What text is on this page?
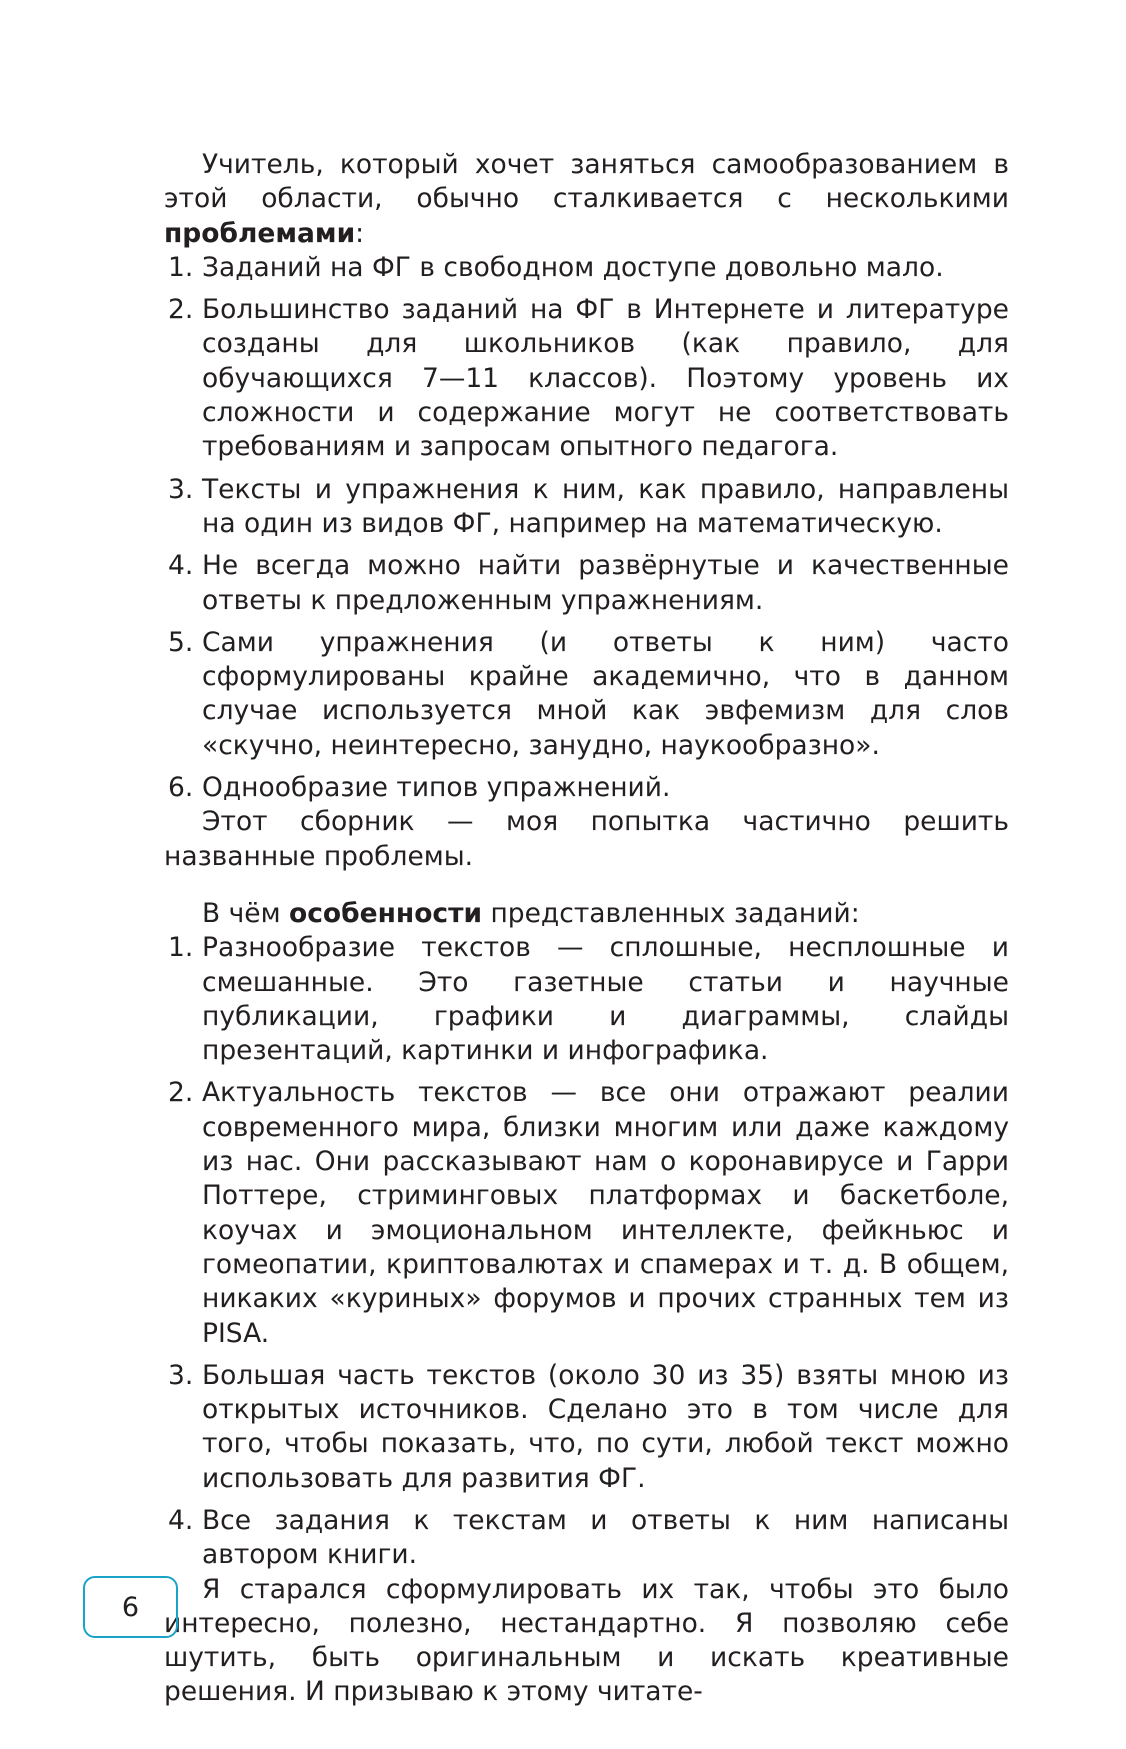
Учитель, который хочет заняться самообразованием в этой области, обычно сталкивается с несколькими проблемами:

1. Заданий на ФГ в свободном доступе довольно мало.
2. Большинство заданий на ФГ в Интернете и литературе созданы для школьников (как правило, для обучающихся 7—11 классов). Поэтому уровень их сложности и содержание могут не соответствовать требованиям и запросам опытного педагога.
3. Тексты и упражнения к ним, как правило, направлены на один из видов ФГ, например на математическую.
4. Не всегда можно найти развёрнутые и качественные ответы к предложенным упражнениям.
5. Сами упражнения (и ответы к ним) часто сформулированы крайне академично, что в данном случае используется мной как эвфемизм для слов «скучно, неинтересно, занудно, наукообразно».
6. Однообразие типов упражнений.

Этот сборник — моя попытка частично решить названные проблемы.

В чём особенности представленных заданий:

1. Разнообразие текстов — сплошные, несплошные и смешанные. Это газетные статьи и научные публикации, графики и диаграммы, слайды презентаций, картинки и инфографика.
2. Актуальность текстов — все они отражают реалии современного мира, близки многим или даже каждому из нас. Они рассказывают нам о коронавирусе и Гарри Поттере, стриминговых платформах и баскетболе, коучах и эмоциональном интеллекте, фейкньюс и гомеопатии, криптовалютах и спамерах и т. д. В общем, никаких «куриных» форумов и прочих странных тем из PISA.
3. Большая часть текстов (около 30 из 35) взяты мною из открытых источников. Сделано это в том числе для того, чтобы показать, что, по сути, любой текст можно использовать для развития ФГ.
4. Все задания к текстам и ответы к ним написаны автором книги.

Я старался сформулировать их так, чтобы это было интересно, полезно, нестандартно. Я позволяю себе шутить, быть оригинальным и искать креативные решения. И призываю к этому читате-

6
